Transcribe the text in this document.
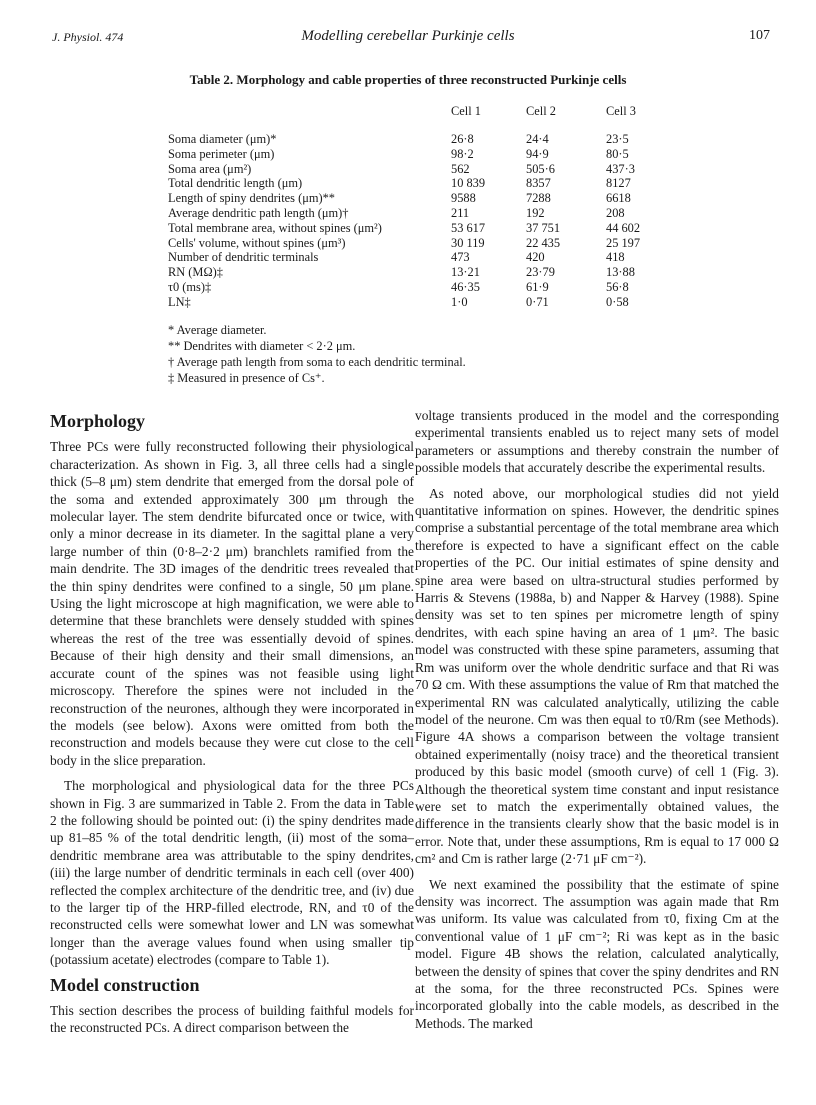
J. Physiol. 474	Modelling cerebellar Purkinje cells	107
Table 2. Morphology and cable properties of three reconstructed Purkinje cells
Cell 1	Cell 2	Cell 3
Soma diameter (μm)*	26·8	24·4	23·5
Soma perimeter (μm)	98·2	94·9	80·5
Soma area (μm²)	562	505·6	437·3
Total dendritic length (μm)	10 839	8357	8127
Length of spiny dendrites (μm)**	9588	7288	6618
Average dendritic path length (μm)†	211	192	208
Total membrane area, without spines (μm²)	53 617	37 751	44 602
Cells' volume, without spines (μm³)	30 119	22 435	25 197
Number of dendritic terminals	473	420	418
RN (MΩ)‡	13·21	23·79	13·88
τ0 (ms)‡	46·35	61·9	56·8
LN‡	1·0	0·71	0·58
* Average diameter.
** Dendrites with diameter < 2·2 μm.
† Average path length from soma to each dendritic terminal.
‡ Measured in presence of Cs⁺.
Morphology

Three PCs were fully reconstructed following their physiological characterization. As shown in Fig. 3, all three cells had a single thick (5–8 μm) stem dendrite that emerged from the dorsal pole of the soma and extended approximately 300 μm through the molecular layer. The stem dendrite bifurcated once or twice, with only a minor decrease in its diameter. In the sagittal plane a very large number of thin (0·8–2·2 μm) branchlets ramified from the main dendrite. The 3D images of the dendritic trees revealed that the thin spiny dendrites were confined to a single, 50 μm plane. Using the light microscope at high magnification, we were able to determine that these branchlets were densely studded with spines whereas the rest of the tree was essentially devoid of spines. Because of their high density and their small dimensions, an accurate count of the spines was not feasible using light microscopy. Therefore the spines were not included in the reconstruction of the neurones, although they were incorporated in the models (see below). Axons were omitted from both the reconstruction and models because they were cut close to the cell body in the slice preparation.

The morphological and physiological data for the three PCs shown in Fig. 3 are summarized in Table 2. From the data in Table 2 the following should be pointed out: (i) the spiny dendrites made up 81–85 % of the total dendritic length, (ii) most of the soma–dendritic membrane area was attributable to the spiny dendrites, (iii) the large number of dendritic terminals in each cell (over 400) reflected the complex architecture of the dendritic tree, and (iv) due to the larger tip of the HRP-filled electrode, RN, and τ0 of the reconstructed cells were somewhat lower and LN was somewhat longer than the average values found when using smaller tip (potassium acetate) electrodes (compare to Table 1).

Model construction

This section describes the process of building faithful models for the reconstructed PCs. A direct comparison between the

voltage transients produced in the model and the corresponding experimental transients enabled us to reject many sets of model parameters or assumptions and thereby constrain the number of possible models that accurately describe the experimental results.

As noted above, our morphological studies did not yield quantitative information on spines. However, the dendritic spines comprise a substantial percentage of the total membrane area which therefore is expected to have a significant effect on the cable properties of the PC. Our initial estimates of spine density and spine area were based on ultra-structural studies performed by Harris & Stevens (1988a, b) and Napper & Harvey (1988). Spine density was set to ten spines per micrometre length of spiny dendrites, with each spine having an area of 1 μm². The basic model was constructed with these spine parameters, assuming that Rm was uniform over the whole dendritic surface and that Ri was 70 Ω cm. With these assumptions the value of Rm that matched the experimental RN was calculated analytically, utilizing the cable model of the neurone. Cm was then equal to τ0/Rm (see Methods). Figure 4A shows a comparison between the voltage transient obtained experimentally (noisy trace) and the theoretical transient produced by this basic model (smooth curve) of cell 1 (Fig. 3). Although the theoretical system time constant and input resistance were set to match the experimentally obtained values, the difference in the transients clearly show that the basic model is in error. Note that, under these assumptions, Rm is equal to 17 000 Ω cm² and Cm is rather large (2·71 μF cm⁻²).

We next examined the possibility that the estimate of spine density was incorrect. The assumption was again made that Rm was uniform. Its value was calculated from τ0, fixing Cm at the conventional value of 1 μF cm⁻²; Ri was kept as in the basic model. Figure 4B shows the relation, calculated analytically, between the density of spines that cover the spiny dendrites and RN at the soma, for the three reconstructed PCs. Spines were incorporated globally into the cable models, as described in the Methods. The marked
